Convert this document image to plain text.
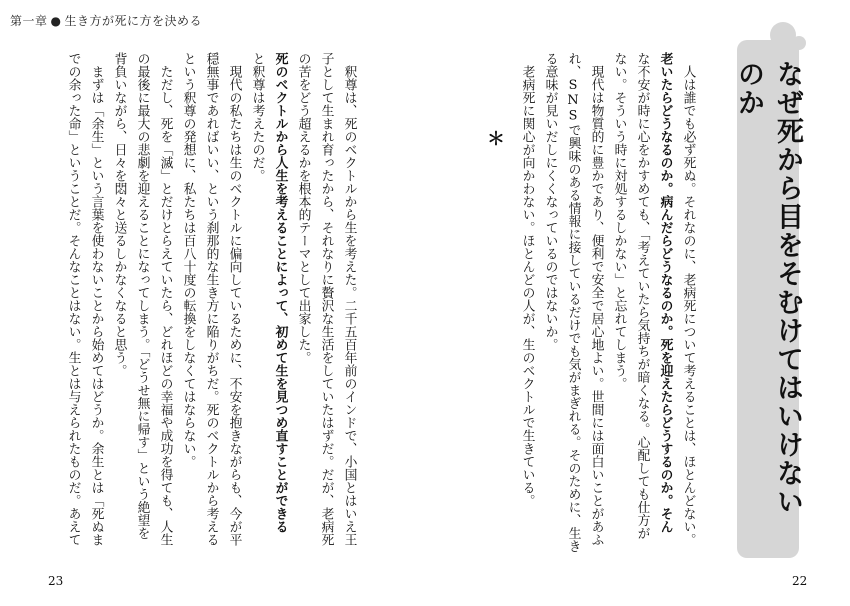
第一章 ● 生き方が死に方を決める
なぜ死から目をそむけてはいけないのか
人は誰でも必ず死ぬ。それなのに、老病死について考えることは、ほとんどない。
老いたらどうなるのか。病んだらどうなるのか。死を迎えたらどうするのか。そん
な不安が時に心をかすめても、「考えていたら気持ちが暗くなる。心配しても仕方が
ない。そういう時に対処するしかない」と忘れてしまう。
現代は物質的に豊かであり、便利で安全で居心地よい。世間には面白いことがあふ
れ、SNSで興味のある情報に接しているだけでも気がまぎれる。そのために、生き
る意味が見いだしにくくなっているのではないか。
老病死に関心が向かわない。ほとんどの人が、生のベクトルで生きている。
＊
釈尊は、死のベクトルから生を考えた。二千五百年前のインドで、小国とはいえ王
子として生まれ育ったから、それなりに贅沢な生活をしていたはずだ。だが、老病死
の苦をどう超えるかを根本的テーマとして出家した。
死のベクトルから人生を考えることによって、初めて生を見つめ直すことができる
と釈尊は考えたのだ。
現代の私たちは生のベクトルに偏向しているために、不安を抱きながらも、今が平
穏無事であればいい、という刹那的な生き方に陥りがちだ。死のベクトルから考える
という釈尊の発想に、私たちは百八十度の転換をしなくてはならない。
ただし、死を「滅」とだけとらえていたら、どれほどの幸福や成功を得ても、人生
の最後に最大の悲劇を迎えることになってしまう。「どうせ無に帰す」という絶望を
背負いながら、日々を悶々と送るしかなくなると思う。
まずは「余生」という言葉を使わないことから始めてはどうか。余生とは「死ぬま
での余った命」ということだ。そんなことはない。生とは与えられたものだ。あえて
23	22
